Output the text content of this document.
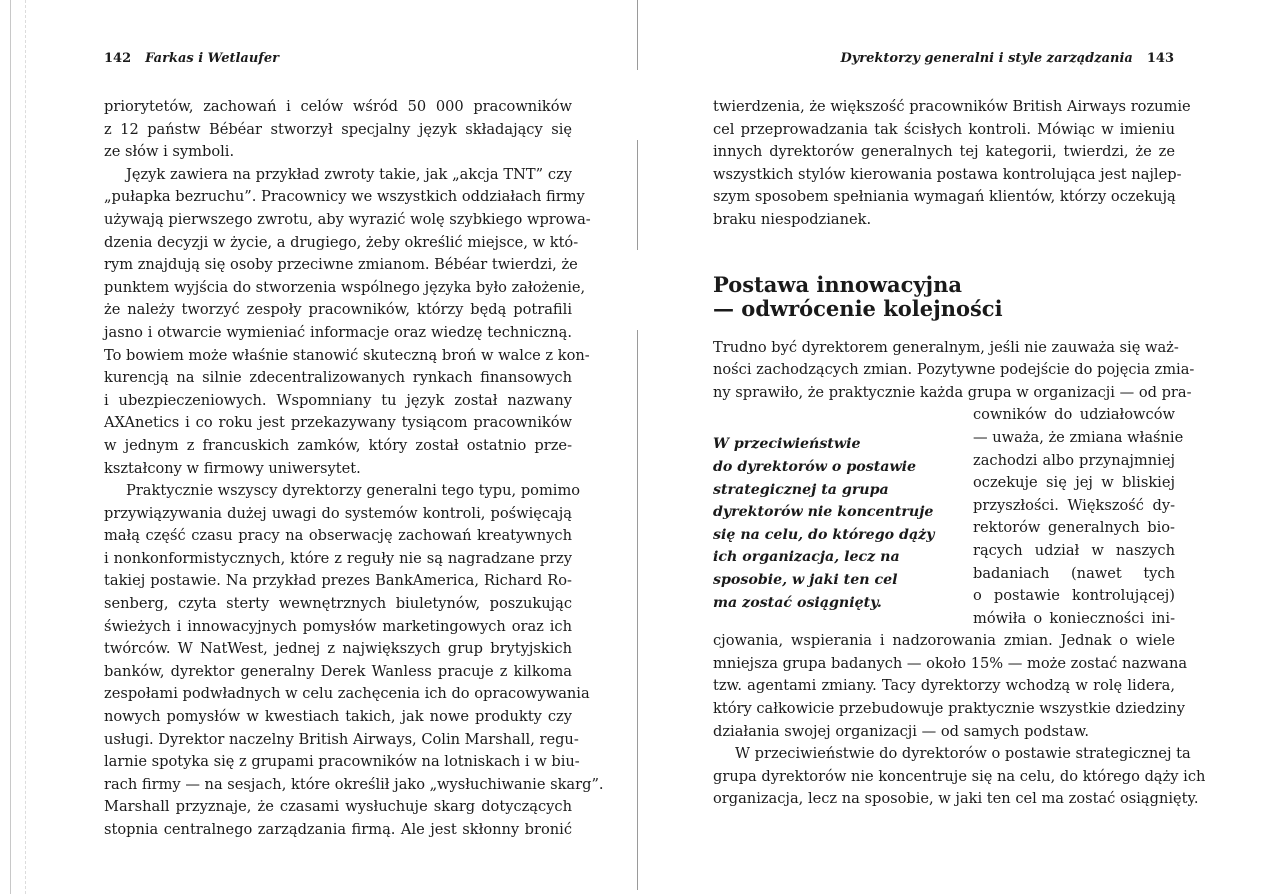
142 Farkas i Wetlaufer
priorytetów, zachowań i celów wśród 50 000 pracowników
z 12 państw Bébéar stworzył specjalny język składający się
ze słów i symboli.
Język zawiera na przykład zwroty takie, jak „akcja TNT” czy
„pułapka bezruchu”. Pracownicy we wszystkich oddziałach firmy
używają pierwszego zwrotu, aby wyrazić wolę szybkiego wprowa-
dzenia decyzji w życie, a drugiego, żeby określić miejsce, w któ-
rym znajdują się osoby przeciwne zmianom. Bébéar twierdzi, że
punktem wyjścia do stworzenia wspólnego języka było założenie,
że należy tworzyć zespoły pracowników, którzy będą potrafili
jasno i otwarcie wymieniać informacje oraz wiedzę techniczną.
To bowiem może właśnie stanowić skuteczną broń w walce z kon-
kurencją na silnie zdecentralizowanych rynkach finansowych
i ubezpieczeniowych. Wspomniany tu język został nazwany
AXAnetics i co roku jest przekazywany tysiącom pracowników
w jednym z francuskich zamków, który został ostatnio prze-
kształcony w firmowy uniwersytet.
Praktycznie wszyscy dyrektorzy generalni tego typu, pomimo
przywiązywania dużej uwagi do systemów kontroli, poświęcają
małą część czasu pracy na obserwację zachowań kreatywnych
i nonkonformistycznych, które z reguły nie są nagradzane przy
takiej postawie. Na przykład prezes BankAmerica, Richard Ro-
senberg, czyta sterty wewnętrznych biuletynów, poszukując
świeżych i innowacyjnych pomysłów marketingowych oraz ich
twórców. W NatWest, jednej z największych grup brytyjskich
banków, dyrektor generalny Derek Wanless pracuje z kilkoma
zespołami podwładnych w celu zachęcenia ich do opracowywania
nowych pomysłów w kwestiach takich, jak nowe produkty czy
usługi. Dyrektor naczelny British Airways, Colin Marshall, regu-
larnie spotyka się z grupami pracowników na lotniskach i w biu-
rach firmy — na sesjach, które określił jako „wysłuchiwanie skarg”.
Marshall przyznaje, że czasami wysłuchuje skarg dotyczących
stopnia centralnego zarządzania firmą. Ale jest skłonny bronić
Dyrektorzy generalni i style zarządzania 143
twierdzenia, że większość pracowników British Airways rozumie
cel przeprowadzania tak ścisłych kontroli. Mówiąc w imieniu
innych dyrektorów generalnych tej kategorii, twierdzi, że ze
wszystkich stylów kierowania postawa kontrolująca jest najlep-
szym sposobem spełniania wymagań klientów, którzy oczekują
braku niespodzianek.
Postawa innowacyjna
— odwrócenie kolejności
Trudno być dyrektorem generalnym, jeśli nie zauważa się waż-
ności zachodzących zmian. Pozytywne podejście do pojęcia zmia-
ny sprawiło, że praktycznie każda grupa w organizacji — od pra-
W przeciwieństwie
do dyrektorów o postawie
strategicznej ta grupa
dyrektorów nie koncentruje
się na celu, do którego dąży
ich organizacja, lecz na
sposobie, w jaki ten cel
ma zostać osiągnięty.
cowników do udziałowców
— uważa, że zmiana właśnie
zachodzi albo przynajmniej
oczekuje się jej w bliskiej
przyszłości. Większość dy-
rektorów generalnych bio-
rących udział w naszych
badaniach (nawet tych
o postawie kontrolującej)
mówiła o konieczności ini-
cjowania, wspierania i nadzorowania zmian. Jednak o wiele
mniejsza grupa badanych — około 15% — może zostać nazwana
tzw. agentami zmiany. Tacy dyrektorzy wchodzą w rolę lidera,
który całkowicie przebudowuje praktycznie wszystkie dziedziny
działania swojej organizacji — od samych podstaw.
W przeciwieństwie do dyrektorów o postawie strategicznej ta
grupa dyrektorów nie koncentruje się na celu, do którego dąży ich
organizacja, lecz na sposobie, w jaki ten cel ma zostać osiągnięty.
